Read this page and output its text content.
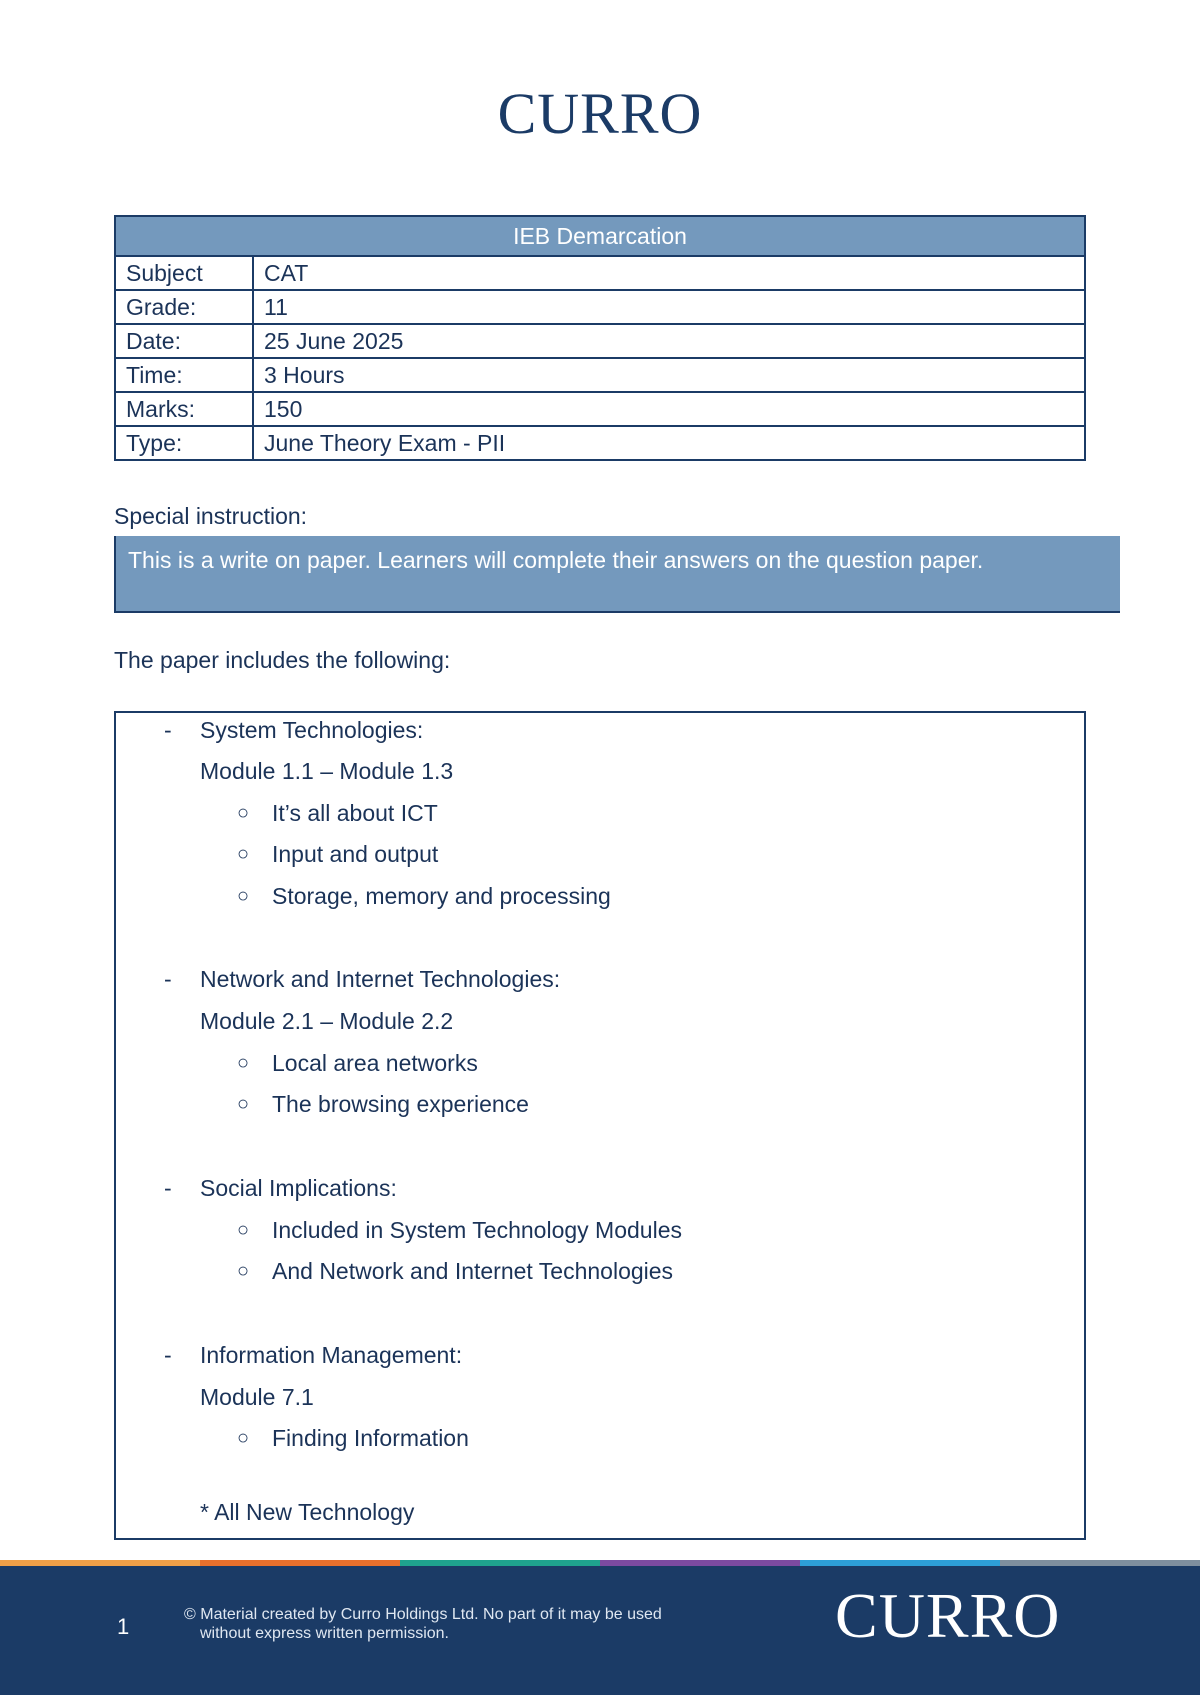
CURRO
IEB Demarcation	
Subject	CAT
Grade:	11
Date:	25 June 2025
Time:	3 Hours
Marks:	150
Type:	June Theory Exam - PII
Special instruction:
This is a write on paper. Learners will complete their answers on the question paper.
The paper includes the following:
- System Technologies:
Module 1.1 – Module 1.3
○ It’s all about ICT
○ Input and output
○ Storage, memory and processing
- Network and Internet Technologies:
Module 2.1 – Module 2.2
○ Local area networks
○ The browsing experience
- Social Implications:
○ Included in System Technology Modules
○ And Network and Internet Technologies
- Information Management:
Module 7.1
○ Finding Information
* All New Technology
1	© Material created by Curro Holdings Ltd. No part of it may be used
without express written permission.	CURRO
